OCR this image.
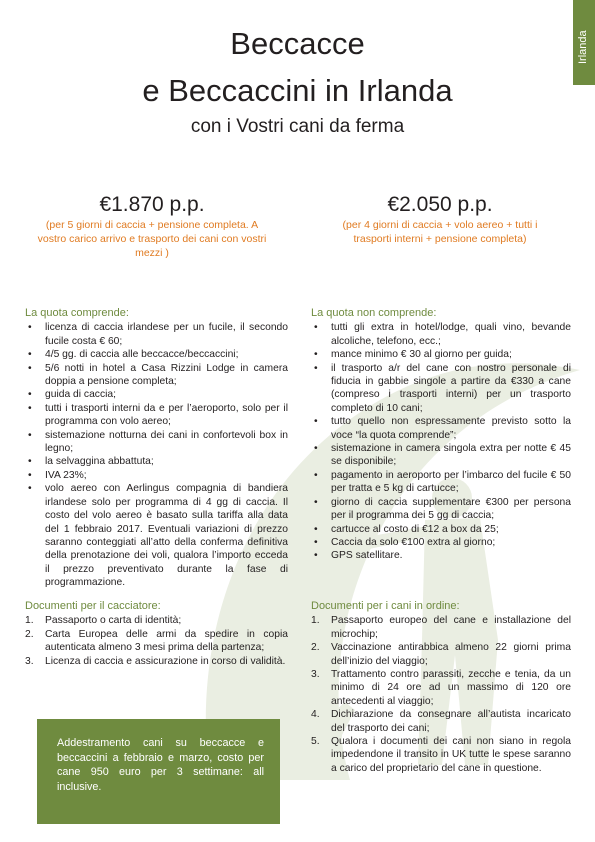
Irlanda
Beccacce
e Beccaccini in Irlanda
con i Vostri cani da ferma
€1.870 p.p.
(per 5 giorni di caccia + pensione completa. A vostro carico arrivo e trasporto dei cani con vostri mezzi )
€2.050 p.p.
(per 4 giorni di caccia + volo aereo + tutti i trasporti interni + pensione completa)
La quota comprende:
• licenza di caccia irlandese per un fucile, il secondo fucile costa € 60;
• 4/5 gg. di caccia alle beccacce/beccaccini;
• 5/6 notti in hotel a Casa Rizzini Lodge in camera doppia a pensione completa;
• guida di caccia;
• tutti i trasporti interni da e per l’aeroporto, solo per il programma con volo aereo;
• sistemazione notturna dei cani in confortevoli box in legno;
• la selvaggina abbattuta;
• IVA 23%;
• volo aereo con Aerlingus compagnia di bandiera irlandese solo per programma di 4 gg di caccia. Il costo del volo aereo è basato sulla tariffa alla data del 1 febbraio 2017. Eventuali variazioni di prezzo saranno conteggiati all’atto della conferma definitiva della prenotazione dei voli, qualora l’importo ecceda il prezzo preventivato durante la fase di programmazione.
La quota non comprende:
• tutti gli extra in hotel/lodge, quali vino, bevande alcoliche, telefono, ecc.;
• mance minimo € 30 al giorno per guida;
• il trasporto a/r del cane con nostro personale di fiducia in gabbie singole a partire da €330 a cane (compreso i trasporti interni) per un trasporto completo di 10 cani;
• tutto quello non espressamente previsto sotto la voce “la quota comprende”;
• sistemazione in camera singola extra per notte € 45 se disponibile;
• pagamento in aeroporto per l’imbarco del fucile € 50 per tratta e 5 kg di cartucce;
• giorno di caccia supplementare €300 per persona per il programma dei 5 gg di caccia;
• cartucce al costo di €12 a box da 25;
• Caccia da solo €100 extra al giorno;
• GPS satellitare.
Documenti per il cacciatore:
1. Passaporto o carta di identità;
2. Carta Europea delle armi da spedire in copia autenticata almeno 3 mesi prima della partenza;
3. Licenza di caccia e assicurazione in corso di validità.
Documenti per i cani in ordine:
1. Passaporto europeo del cane e installazione del microchip;
2. Vaccinazione antirabbica almeno 22 giorni prima dell’inizio del viaggio;
3. Trattamento contro parassiti, zecche e tenia, da un minimo di 24 ore ad un massimo di 120 ore antecedenti al viaggio;
4. Dichiarazione da consegnare all’autista incaricato del trasporto dei cani;
5. Qualora i documenti dei cani non siano in regola impedendone il transito in UK tutte le spese saranno a carico del proprietario del cane in questione.
Addestramento cani su beccacce e beccaccini a febbraio e marzo, costo per cane 950 euro per 3 settimane: all inclusive.
